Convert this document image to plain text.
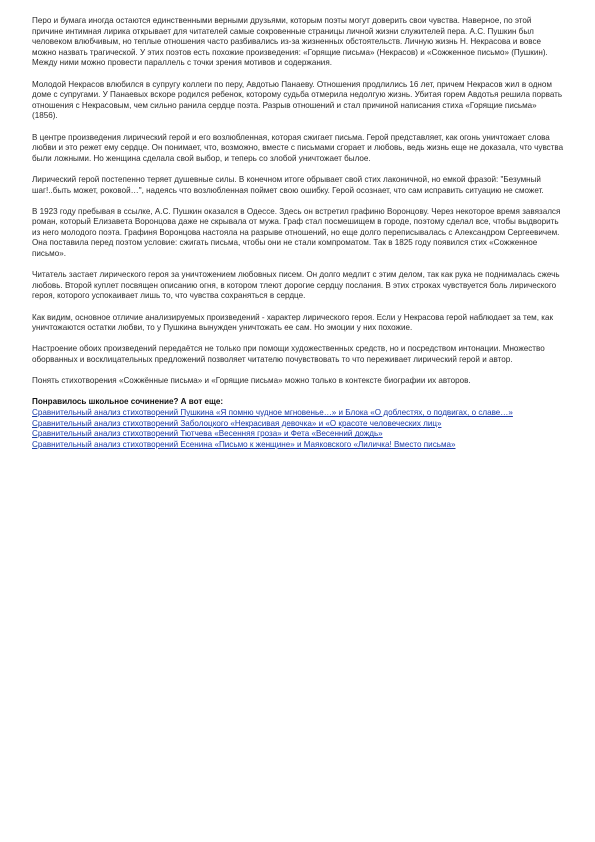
Перо и бумага иногда остаются единственными верными друзьями, которым поэты могут доверить свои чувства. Наверное, по этой причине интимная лирика открывает для читателей самые сокровенные страницы личной жизни служителей пера. А.С. Пушкин был человеком влюбчивым, но теплые отношения часто разбивались из-за жизненных обстоятельств. Личную жизнь Н. Некрасова и вовсе можно назвать трагической. У этих поэтов есть похожие произведения: «Горящие письма» (Некрасов) и «Сожженное письмо» (Пушкин). Между ними можно провести параллель с точки зрения мотивов и содержания.

Молодой Некрасов влюбился в супругу коллеги по перу, Авдотью Панаеву. Отношения продлились 16 лет, причем Некрасов жил в одном доме с супругами. У Панаевых вскоре родился ребенок, которому судьба отмерила недолгую жизнь. Убитая горем Авдотья решила порвать отношения с Некрасовым, чем сильно ранила сердце поэта. Разрыв отношений и стал причиной написания стиха «Горящие письма» (1856).

В центре произведения лирический герой и его возлюбленная, которая сжигает письма. Герой представляет, как огонь уничтожает слова любви и это режет ему сердце. Он понимает, что, возможно, вместе с письмами сгорает и любовь, ведь жизнь еще не доказала, что чувства были ложными. Но женщина сделала свой выбор, и теперь со злобой уничтожает былое.

Лирический герой постепенно теряет душевные силы. В конечном итоге обрывает свой стих лаконичной, но емкой фразой: "Безумный шаг!..быть может, роковой…", надеясь что возлюбленная поймет свою ошибку. Герой осознает, что сам исправить ситуацию не сможет.

В 1923 году пребывая в ссылке, А.С. Пушкин оказался в Одессе. Здесь он встретил графиню Воронцову. Через некоторое время завязался роман, который Елизавета Воронцова даже не скрывала от мужа. Граф стал посмешищем в городе, поэтому сделал все, чтобы выдворить из него молодого поэта. Графиня Воронцова настояла на разрыве отношений, но еще долго переписывалась с Александром Сергеевичем. Она поставила перед поэтом условие: сжигать письма, чтобы они не стали компроматом. Так в 1825 году появился стих «Сожженное письмо».

Читатель застает лирического героя за уничтожением любовных писем. Он долго медлит с этим делом, так как рука не поднималась сжечь любовь. Второй куплет посвящен описанию огня, в котором тлеют дорогие сердцу послания. В этих строках чувствуется боль лирического героя, которого успокаивает лишь то, что чувства сохраняться в сердце.

Как видим, основное отличие анализируемых произведений - характер лирического героя. Если у Некрасова герой наблюдает за тем, как уничтожаются остатки любви, то у Пушкина вынужден уничтожать ее сам. Но эмоции у них похожие.

Настроение обоих произведений передаётся не только при помощи художественных средств, но и посредством интонации. Множество оборванных и восклицательных предложений позволяет читателю почувствовать то что переживает лирический герой и автор.

Понять стихотворения «Сожжённые письма» и «Горящие письма» можно только в контексте биографии их авторов.

Понравилось школьное сочинение? А вот еще:

Сравнительный анализ стихотворений Пушкина «Я помню чудное мгновенье…» и Блока «О доблестях, о подвигах, о славе…»
Сравнительный анализ стихотворений Заболоцкого «Некрасивая девочка» и «О красоте человеческих лиц»
Сравнительный анализ стихотворений Тютчева «Весенняя гроза» и Фета «Весенний дождь»
Сравнительный анализ стихотворений Есенина «Письмо к женщине» и Маяковского «Лиличка! Вместо письма»
